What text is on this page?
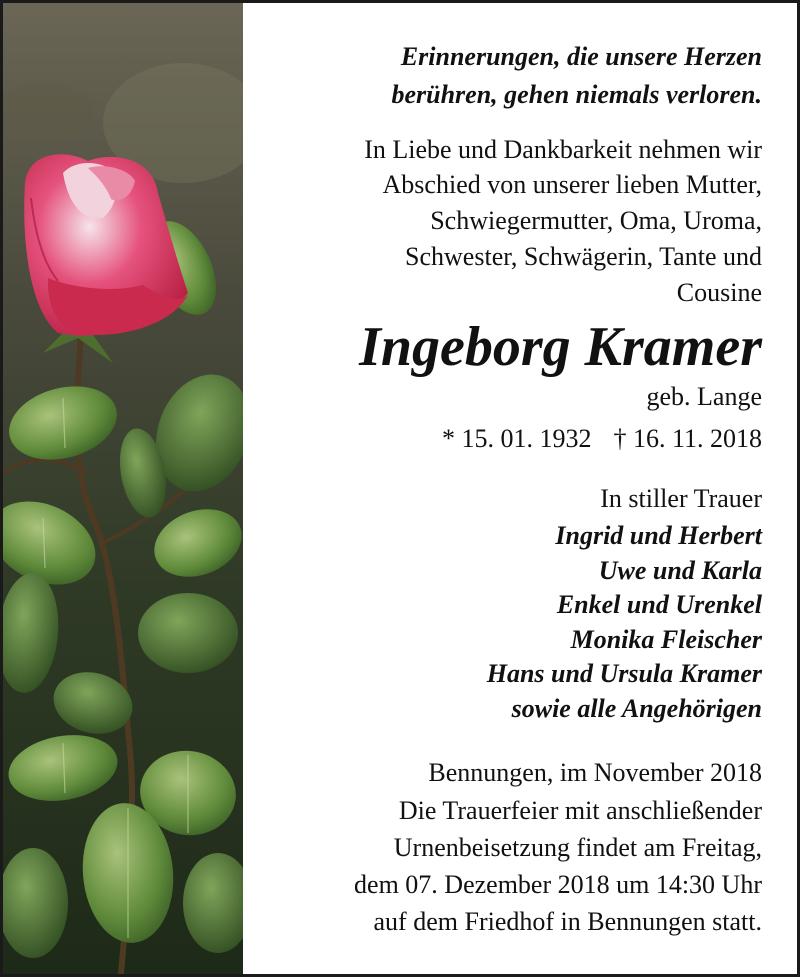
Erinnerungen, die unsere Herzen
berühren, gehen niemals verloren.
In Liebe und Dankbarkeit nehmen wir
Abschied von unserer lieben Mutter,
Schwiegermutter, Oma, Uroma,
Schwester, Schwägerin, Tante und
Cousine
Ingeborg Kramer
geb. Lange
* 15. 01. 1932 † 16. 11. 2018
In stiller Trauer
Ingrid und Herbert
Uwe und Karla
Enkel und Urenkel
Monika Fleischer
Hans und Ursula Kramer
sowie alle Angehörigen
Bennungen, im November 2018
Die Trauerfeier mit anschließender
Urnenbeisetzung findet am Freitag,
dem 07. Dezember 2018 um 14:30 Uhr
auf dem Friedhof in Bennungen statt.
